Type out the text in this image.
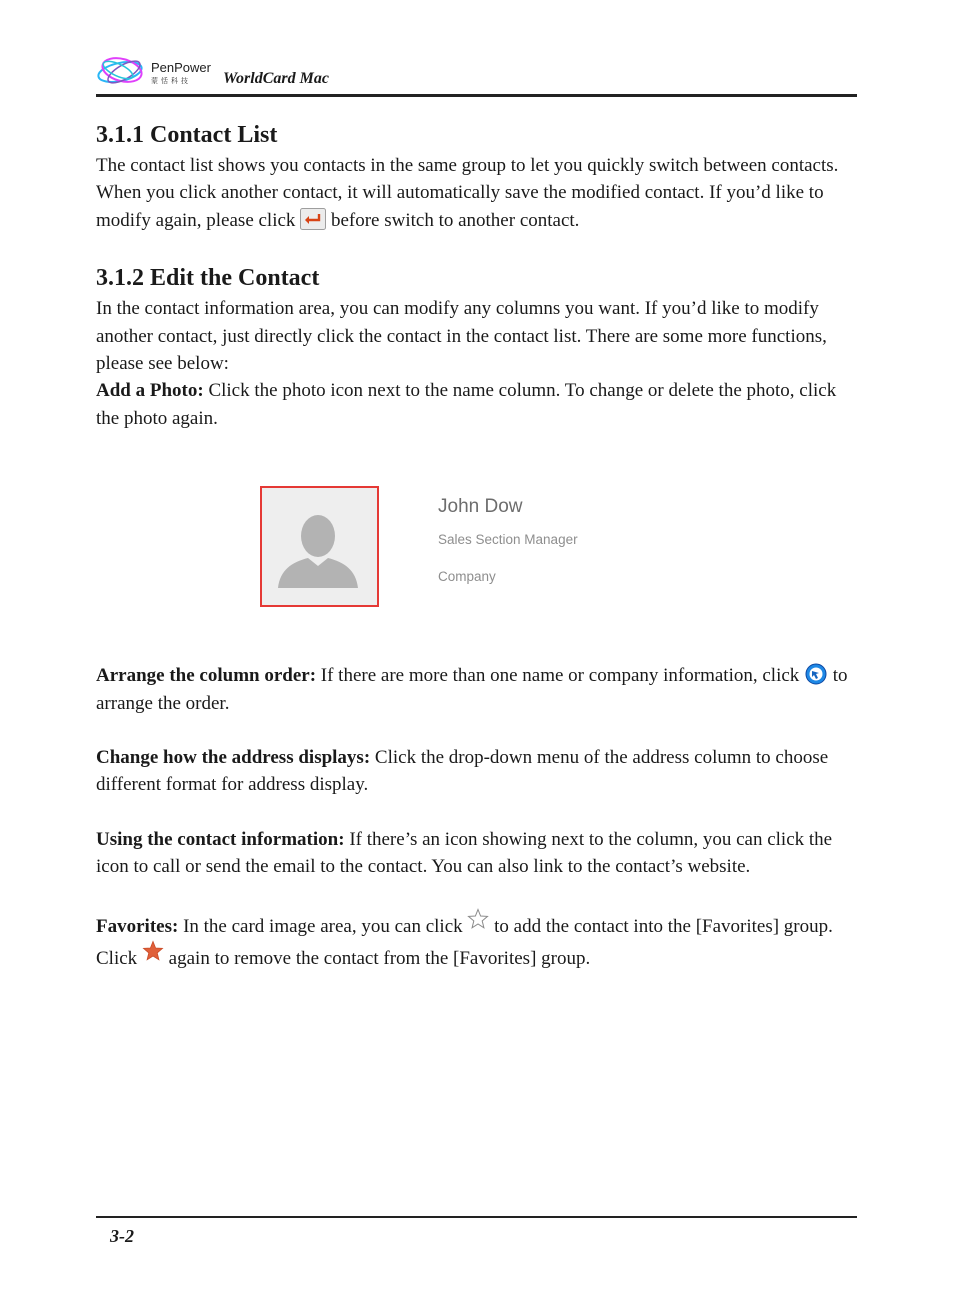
PenPower
蒙恬科技 WorldCard Mac
3.1.1 Contact List

The contact list shows you contacts in the same group to let you quickly switch between contacts. When you click another contact, it will automatically save the modified contact. If you’d like to modify again, please click  before switch to another contact.

3.1.2 Edit the Contact

In the contact information area, you can modify any columns you want. If you’d like to modify another contact, just directly click the contact in the contact list. There are some more functions, please see below:

Add a Photo: Click the photo icon next to the name column. To change or delete the photo, click the photo again.

John Dow
Sales Section Manager
Company

Arrange the column order: If there are more than one name or company information, click  to arrange the order.

Change how the address displays: Click the drop-down menu of the address column to choose different format for address display.

Using the contact information: If there’s an icon showing next to the column, you can click the icon to call or send the email to the contact. You can also link to the contact’s website.

Favorites: In the card image area, you can click  to add the contact into the [Favorites] group. Click  again to remove the contact from the [Favorites] group.

3-2
